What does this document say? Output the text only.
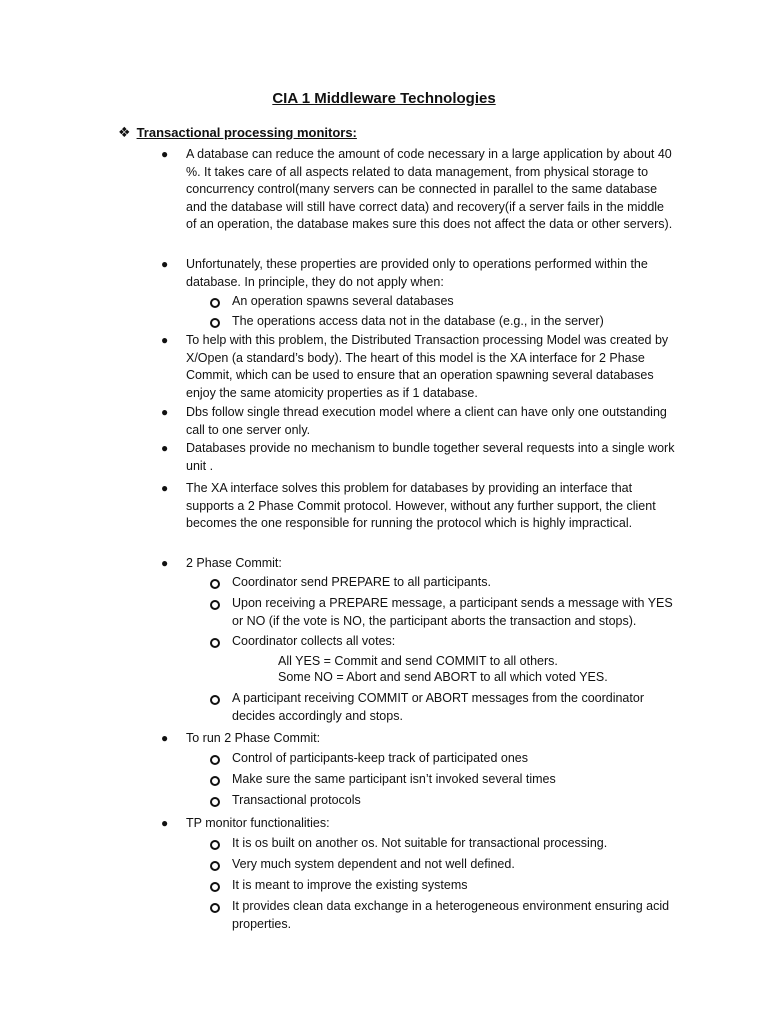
CIA 1 Middleware Technologies
❖ Transactional processing monitors:
● A database can reduce the amount of code necessary in a large application by about 40 %. It takes care of all aspects related to data management, from physical storage to concurrency control(many servers can be connected in parallel to the same database and the database will still have correct data) and recovery(if a server fails in the middle of an operation, the database makes sure this does not affect the data or other servers).
● Unfortunately, these properties are provided only to operations performed within the database. In principle, they do not apply when:
An operation spawns several databases
The operations access data not in the database (e.g., in the server)
● To help with this problem, the Distributed Transaction processing Model was created by X/Open (a standard’s body). The heart of this model is the XA interface for 2 Phase Commit, which can be used to ensure that an operation spawning several databases enjoy the same atomicity properties as if 1 database.
● Dbs follow single thread execution model where a client can have only one outstanding call to one server only.
● Databases provide no mechanism to bundle together several requests into a single work unit .
● The XA interface solves this problem for databases by providing an interface that supports a 2 Phase Commit protocol. However, without any further support, the client becomes the one responsible for running the protocol which is highly impractical.
● 2 Phase Commit:
Coordinator send PREPARE to all participants.
Upon receiving a PREPARE message, a participant sends a message with YES or NO (if the vote is NO, the participant aborts the transaction and stops).
Coordinator collects all votes:
All YES = Commit and send COMMIT to all others.
Some NO = Abort and send ABORT to all which voted YES.
A participant receiving COMMIT or ABORT messages from the coordinator decides accordingly and stops.
● To run 2 Phase Commit:
Control of participants-keep track of participated ones
Make sure the same participant isn’t invoked several times
Transactional protocols
● TP monitor functionalities:
It is os built on another os. Not suitable for transactional processing.
Very much system dependent and not well defined.
It is meant to improve the existing systems
It provides clean data exchange in a heterogeneous environment ensuring acid properties.
